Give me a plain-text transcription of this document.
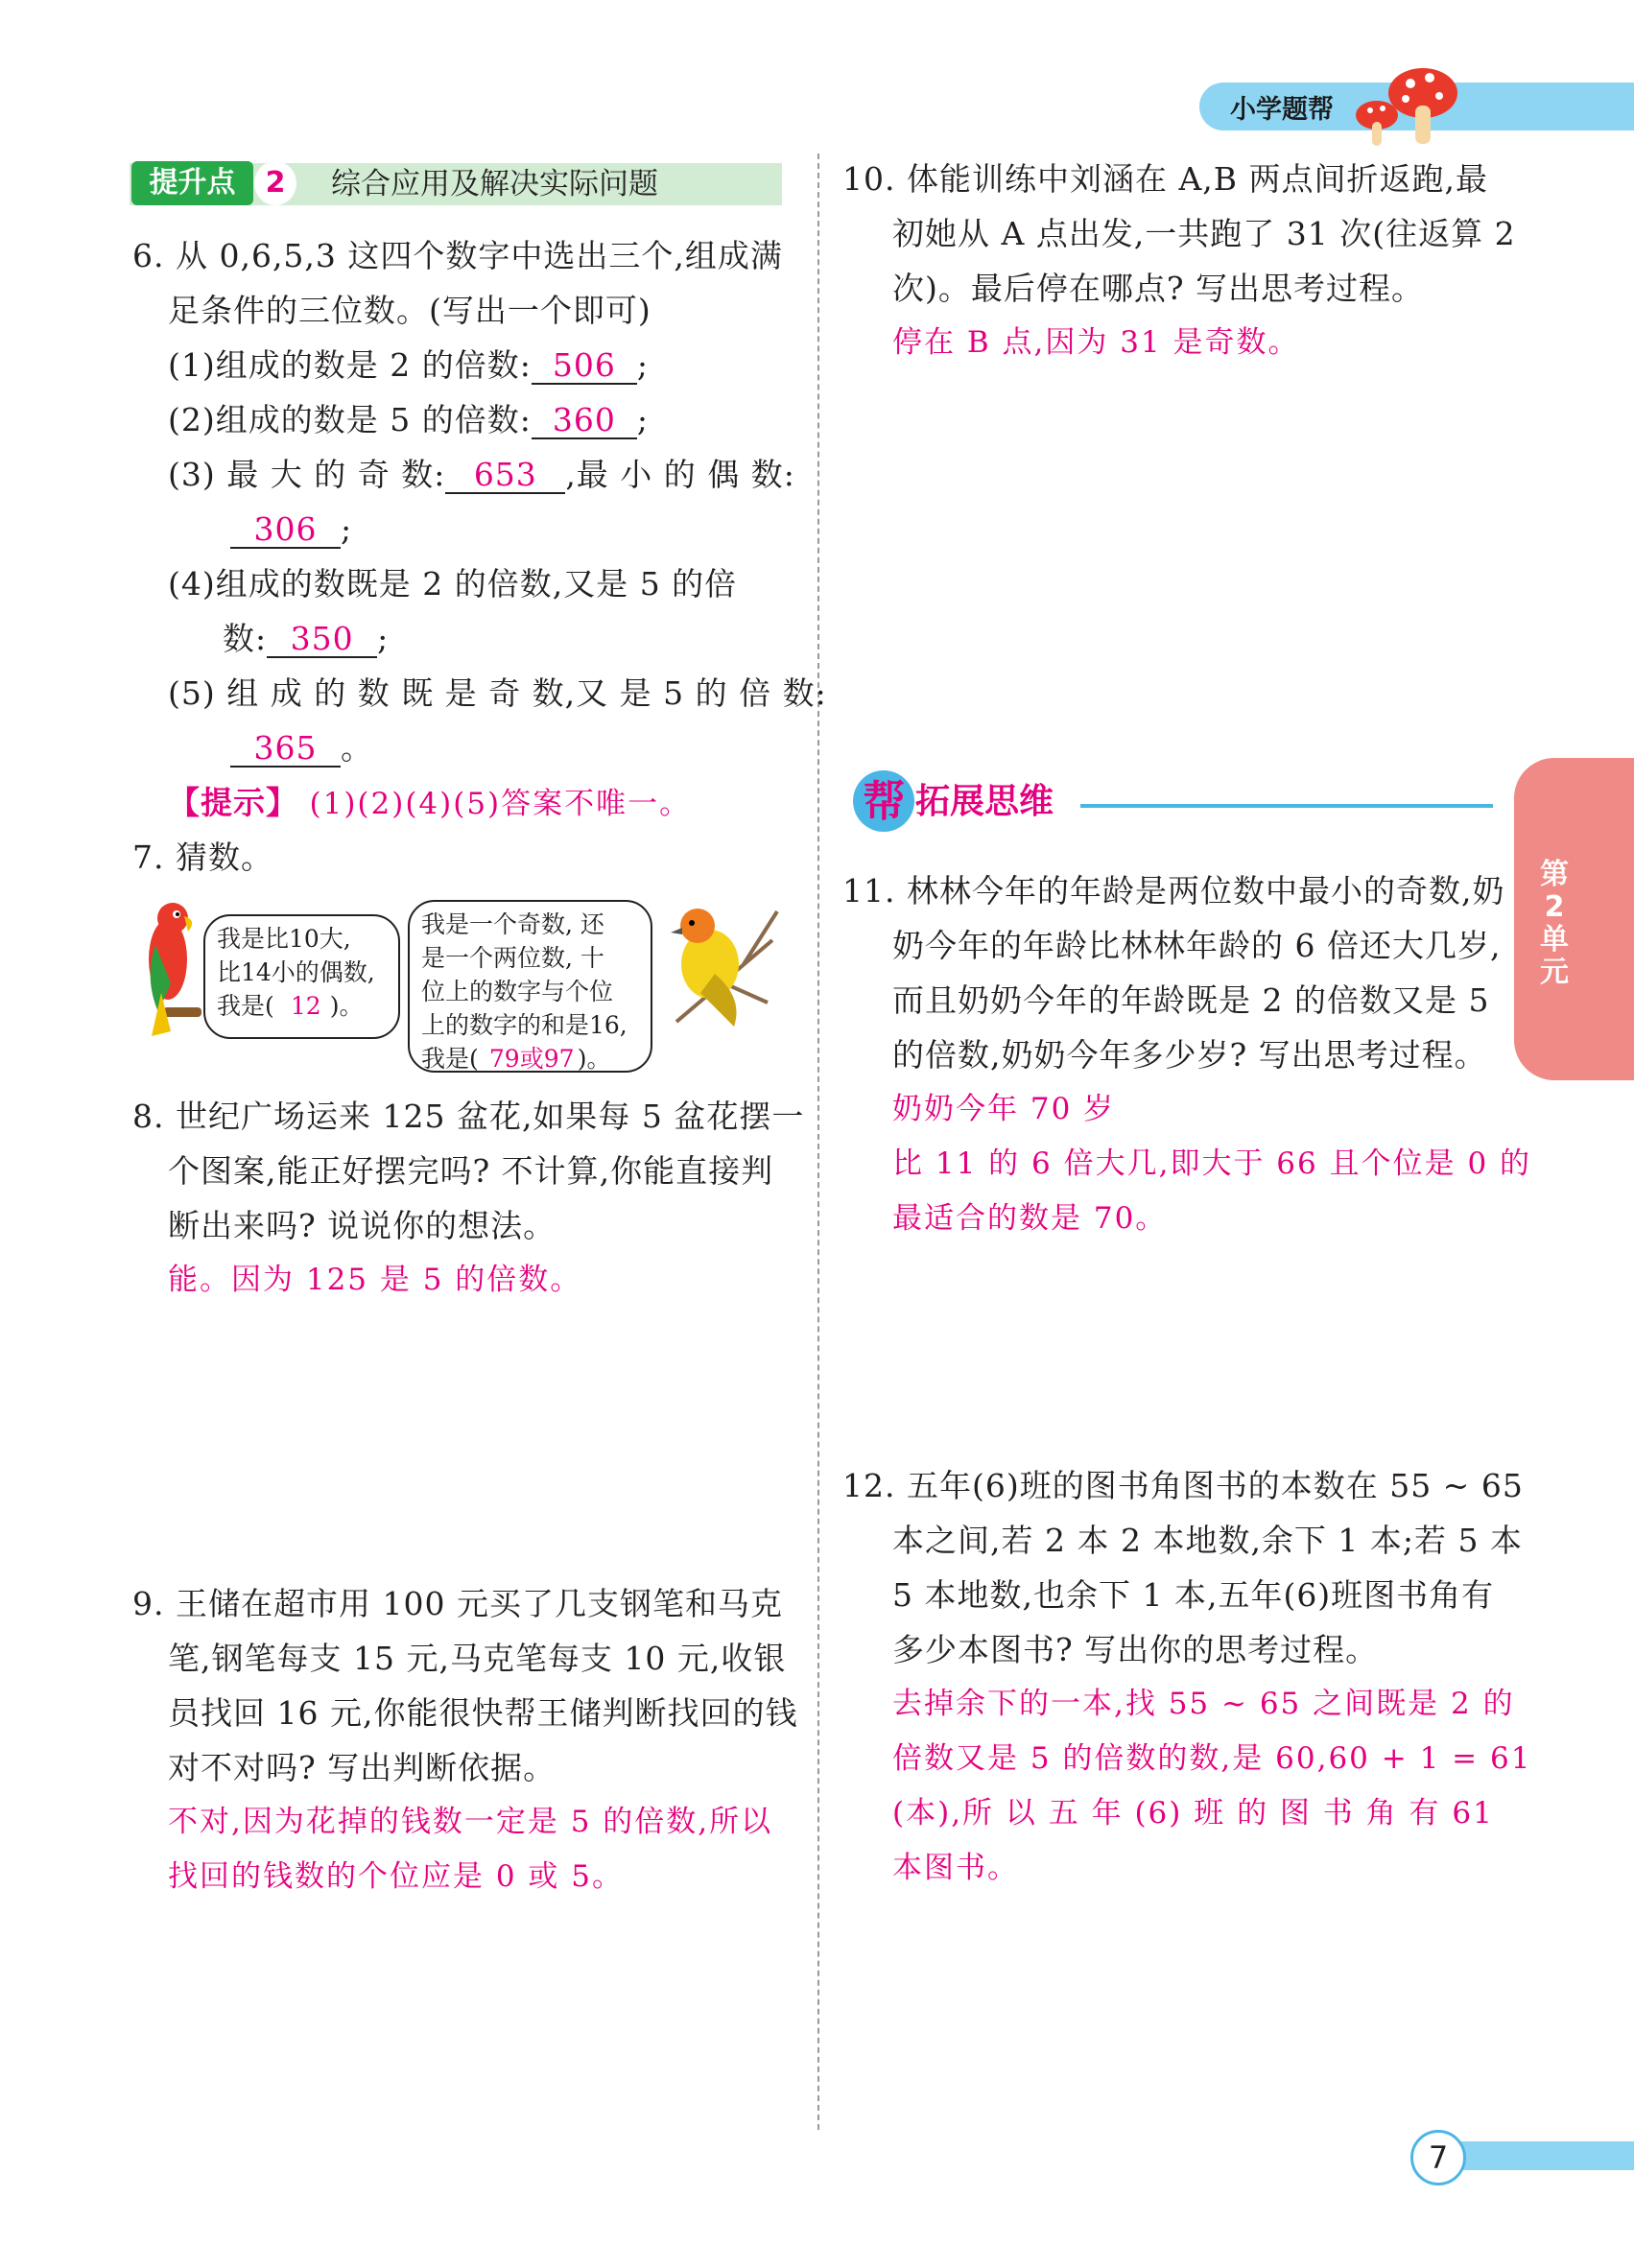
小学题帮
第2单元
提升点	2	综合应用及解决实际问题
6. 从 0,6,5,3 这四个数字中选出三个,组成满
足条件的三位数。(写出一个即可)
(1)组成的数是 2 的倍数: 506 ;
(2)组成的数是 5 的倍数: 360 ;
(3) 最 大 的 奇 数: 653 ,最 小 的 偶 数:
306 ;
(4)组成的数既是 2 的倍数,又是 5 的倍
数: 350 ;
(5) 组 成 的 数 既 是 奇 数,又 是 5 的 倍 数:
365 。
【提示】 (1)(2)(4)(5)答案不唯一。
7. 猜数。
我是比10大,
比14小的偶数,
我是( 12 )。
我是一个奇数, 还
是一个两位数, 十
位上的数字与个位
上的数字的和是16,
我是( 79或97 )。
8. 世纪广场运来 125 盆花,如果每 5 盆花摆一
个图案,能正好摆完吗? 不计算,你能直接判
断出来吗? 说说你的想法。
能。因为 125 是 5 的倍数。
9. 王储在超市用 100 元买了几支钢笔和马克
笔,钢笔每支 15 元,马克笔每支 10 元,收银
员找回 16 元,你能很快帮王储判断找回的钱
对不对吗? 写出判断依据。
不对,因为花掉的钱数一定是 5 的倍数,所以
找回的钱数的个位应是 0 或 5。
10. 体能训练中刘涵在 A,B 两点间折返跑,最
初她从 A 点出发,一共跑了 31 次(往返算 2
次)。最后停在哪点? 写出思考过程。
停在 B 点,因为 31 是奇数。
帮 拓展思维
11. 林林今年的年龄是两位数中最小的奇数,奶
奶今年的年龄比林林年龄的 6 倍还大几岁,
而且奶奶今年的年龄既是 2 的倍数又是 5
的倍数,奶奶今年多少岁? 写出思考过程。
奶奶今年 70 岁
比 11 的 6 倍大几,即大于 66 且个位是 0 的
最适合的数是 70。
12. 五年(6)班的图书角图书的本数在 55 ~ 65
本之间,若 2 本 2 本地数,余下 1 本;若 5 本
5 本地数,也余下 1 本,五年(6)班图书角有
多少本图书? 写出你的思考过程。
去掉余下的一本,找 55 ~ 65 之间既是 2 的
倍数又是 5 的倍数的数,是 60,60 + 1 = 61
(本),所 以 五 年 (6) 班 的 图 书 角 有 61
本图书。
7
